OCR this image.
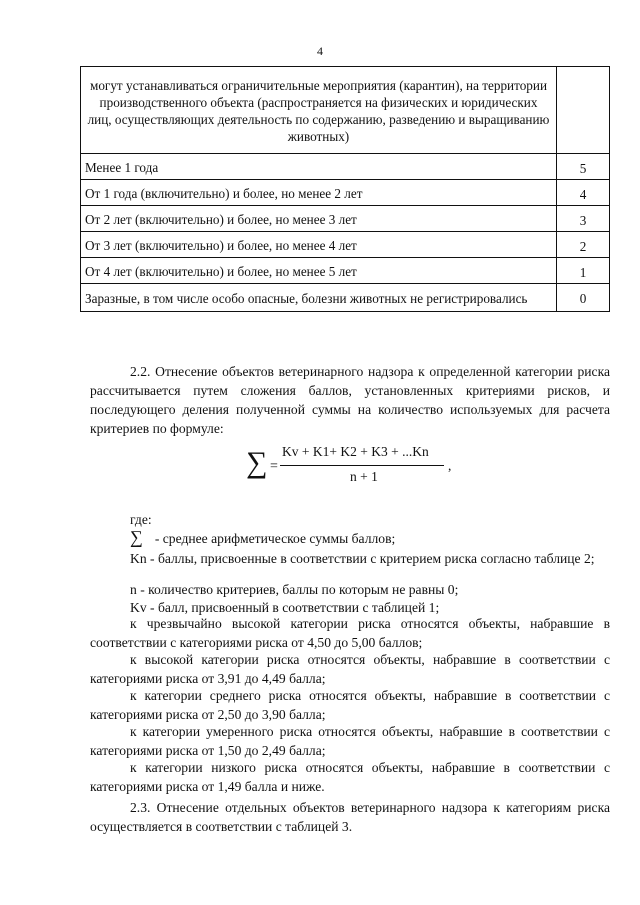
4
могут устанавливаться ограничительные мероприятия (карантин), на территории производственного объекта (распространяется на физических и юридических лиц, осуществляющих деятельность по содержанию, разведению и выращиванию животных)	
Менее 1 года	5
От 1 года (включительно) и более, но менее 2 лет	4
От 2 лет (включительно) и более, но менее 3 лет	3
От 3 лет (включительно) и более, но менее 4 лет	2
От 4 лет (включительно) и более, но менее 5 лет	1
Заразные, в том числе особо опасные, болезни животных не регистрировались	0

2.2. Отнесение объектов ветеринарного надзора к определенной категории риска рассчитывается путем сложения баллов, установленных критериями рисков, и последующего деления полученной суммы на количество используемых для расчета критериев по формуле:

∑ =
Kv + K1+ K2 + K3 + ...Kn
n + 1
,

где:

∑ - среднее арифметическое суммы баллов;

Kn - баллы, присвоенные в соответствии с критерием риска согласно таблице 2;

n - количество критериев, баллы по которым не равны 0;

Kv - балл, присвоенный в соответствии с таблицей 1;

к чрезвычайно высокой категории риска относятся объекты, набравшие в соответствии с категориями риска от 4,50 до 5,00 баллов;

к высокой категории риска относятся объекты, набравшие в соответствии с категориями риска от 3,91 до 4,49 балла;

к категории среднего риска относятся объекты, набравшие в соответствии с категориями риска от 2,50 до 3,90 балла;

к категории умеренного риска относятся объекты, набравшие в соответствии с категориями риска от 1,50 до 2,49 балла;

к категории низкого риска относятся объекты, набравшие в соответствии с категориями риска от 1,49 балла и ниже.

2.3. Отнесение отдельных объектов ветеринарного надзора к категориям риска осуществляется в соответствии с таблицей 3.
